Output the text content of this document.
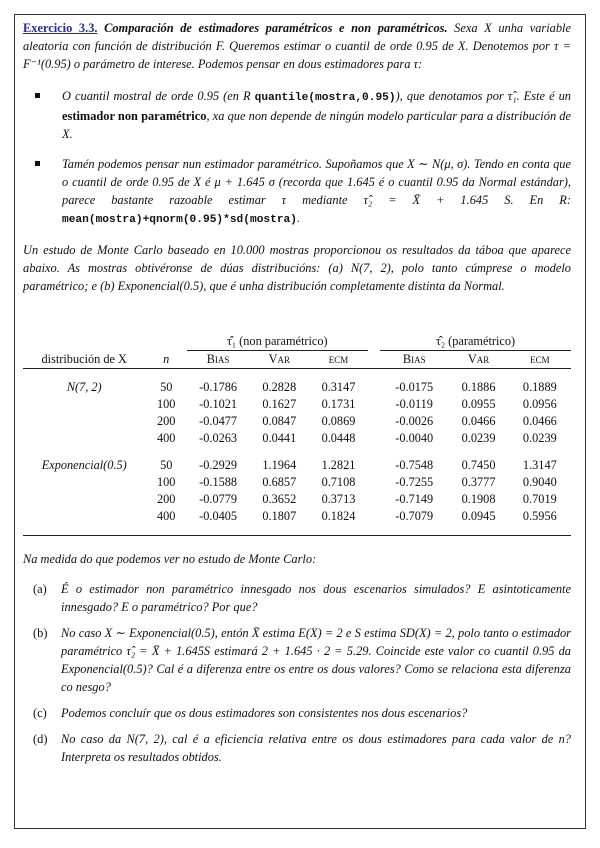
Exercicio 3.3. Comparación de estimadores paramétricos e non paramétricos. Sexa X unha variable aleatoria con función de distribución F. Queremos estimar o cuantil de orde 0.95 de X. Denotemos por τ = F⁻¹(0.95) o parámetro de interese. Podemos pensar en dous estimadores para τ:

O cuantil mostral de orde 0.95 (en R quantile(mostra,0.95)), que denotamos por τ̂₁. Este é un estimador non paramétrico, xa que non depende de ningún modelo particular para a distribución de X.
Tamén podemos pensar nun estimador paramétrico. Supoñamos que X ∼ N(μ, σ). Tendo en conta que o cuantil de orde 0.95 de X é μ + 1.645 σ (recorda que 1.645 é o cuantil 0.95 da Normal estándar), parece bastante razoable estimar τ mediante τ̂₂ = X̄ + 1.645 S. En R: mean(mostra)+qnorm(0.95)*sd(mostra).

Un estudo de Monte Carlo baseado en 10.000 mostras proporcionou os resultados da táboa que aparece abaixo. As mostras obtivéronse de dúas distribucións: (a) N(7, 2), polo tanto cúmprese o modelo paramétrico; e (b) Exponencial(0.5), que é unha distribución completamente distinta da Normal.

		τ̂₁ (non paramétrico)				τ̂₂ (paramétrico)		
distribución de X	n	Bias	Var	ecm		Bias	Var	ecm

N(7, 2)	50	-0.1786	0.2828	0.3147		-0.0175	0.1886	0.1889
	100	-0.1021	0.1627	0.1731		-0.0119	0.0955	0.0956
	200	-0.0477	0.0847	0.0869		-0.0026	0.0466	0.0466
	400	-0.0263	0.0441	0.0448		-0.0040	0.0239	0.0239

Exponencial(0.5)	50	-0.2929	1.1964	1.2821		-0.7548	0.7450	1.3147
	100	-0.1588	0.6857	0.7108		-0.7255	0.3777	0.9040
	200	-0.0779	0.3652	0.3713		-0.7149	0.1908	0.7019
	400	-0.0405	0.1807	0.1824		-0.7079	0.0945	0.5956

Na medida do que podemos ver no estudo de Monte Carlo:

(a) É o estimador non paramétrico innesgado nos dous escenarios simulados? E asintoticamente innesgado? E o paramétrico? Por que?
(b) No caso X ∼ Exponencial(0.5), entón X̄ estima E(X) = 2 e S estima SD(X) = 2, polo tanto o estimador paramétrico τ̂₂ = X̄ + 1.645S estimará 2 + 1.645 · 2 = 5.29. Coincide este valor co cuantil 0.95 da Exponencial(0.5)? Cal é a diferenza entre os entre os dous valores? Como se relaciona esta diferenza co nesgo?
(c) Podemos concluír que os dous estimadores son consistentes nos dous escenarios?
(d) No caso da N(7, 2), cal é a eficiencia relativa entre os dous estimadores para cada valor de n? Interpreta os resultados obtidos.
